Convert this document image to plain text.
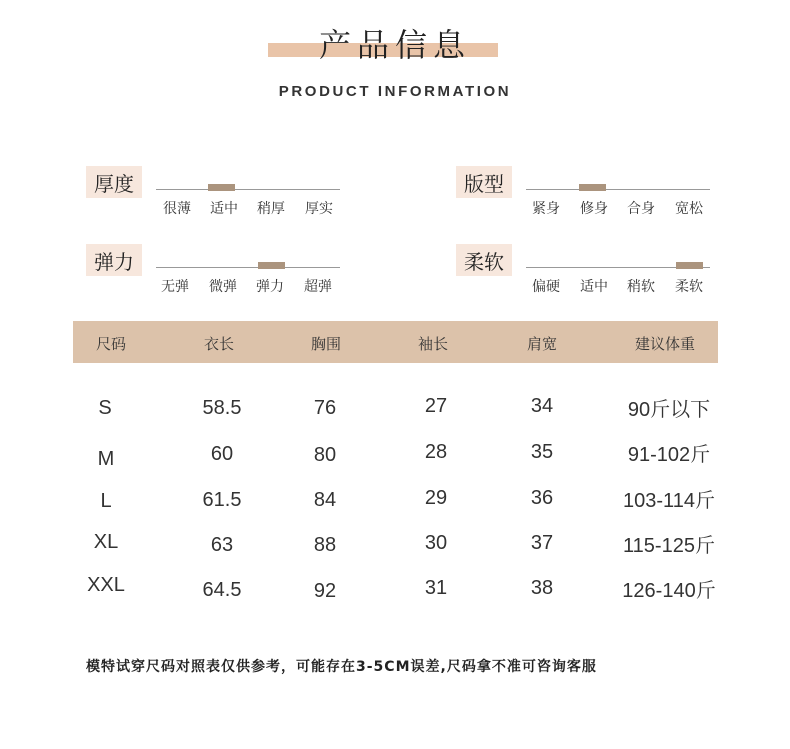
产品信息
PRODUCT INFORMATION
厚度
很薄	适中	稍厚	厚实
版型
紧身	修身	合身	宽松
弹力
无弹	微弹	弹力	超弹
柔软
偏硬	适中	稍软	柔软
尺码	衣长	胸围	袖长	肩宽	建议体重
S	58.5	76	27	34	90斤以下
M	60	80	28	35	91-102斤
L	61.5	84	29	36	103-114斤
XL	63	88	30	37	115-125斤
XXL	64.5	92	31	38	126-140斤
模特试穿尺码对照表仅供参考，可能存在3-5CM误差,尺码拿不准可咨询客服
